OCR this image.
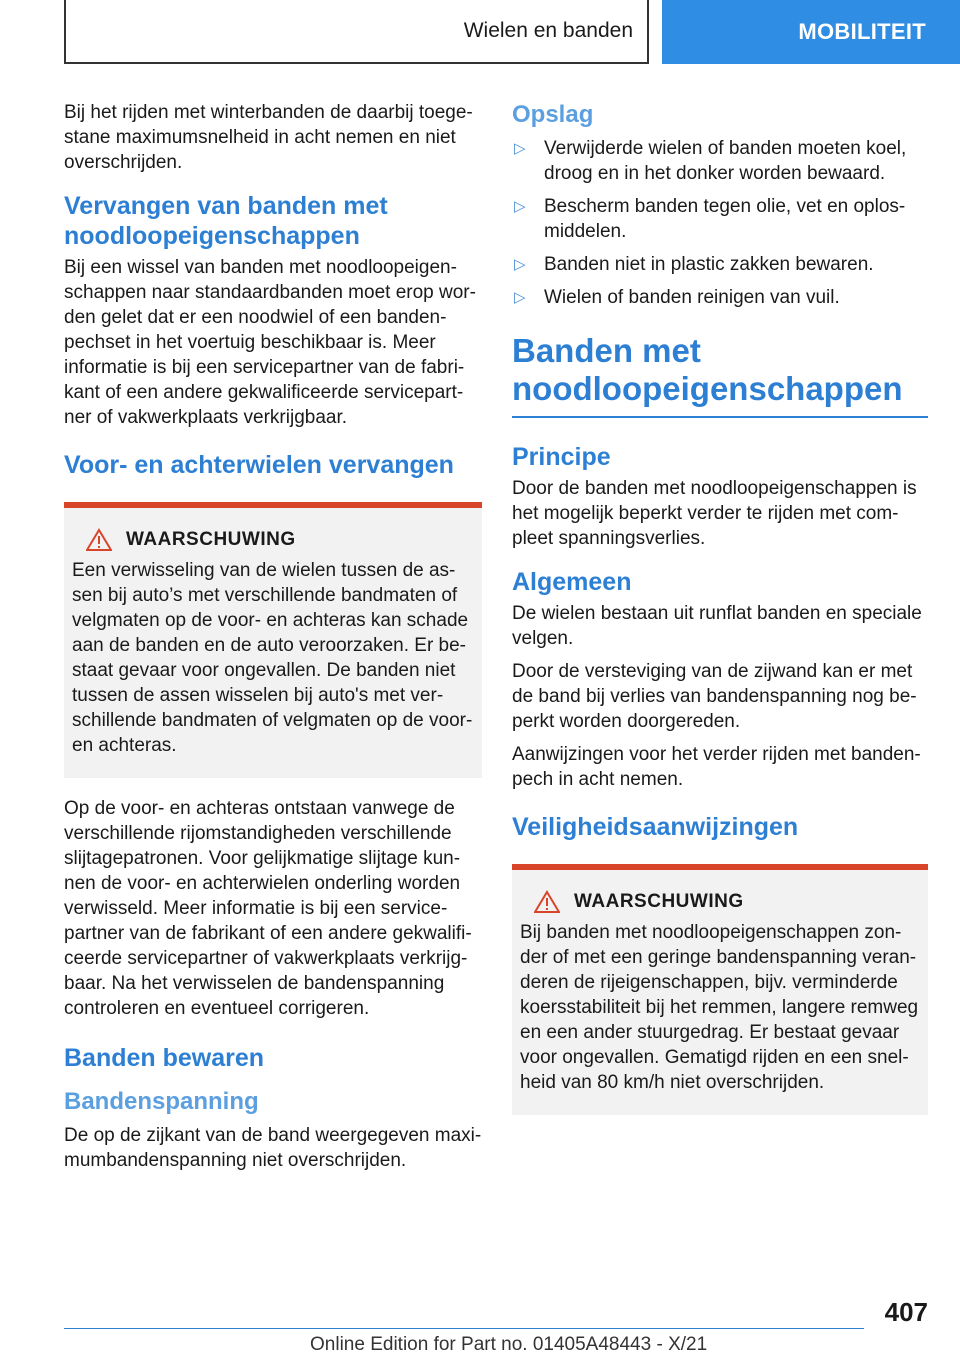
Wielen en banden	MOBILITEIT

Bij het rijden met winterbanden de daarbij toege-stane maximumsnelheid in acht nemen en niet overschrijden.

Vervangen van banden met noodloopeigenschappen

Bij een wissel van banden met noodloopeigen-schappen naar standaardbanden moet erop wor-den gelet dat er een noodwiel of een banden-pechset in het voertuig beschikbaar is. Meer informatie is bij een servicepartner van de fabri-kant of een andere gekwalificeerde servicepart-ner of vakwerkplaats verkrijgbaar.

Voor- en achterwielen vervangen
WAARSCHUWING

Een verwisseling van de wielen tussen de as-sen bij auto’s met verschillende bandmaten of velgmaten op de voor- en achteras kan schade aan de banden en de auto veroorzaken. Er be-staat gevaar voor ongevallen. De banden niet tussen de assen wisselen bij auto's met ver-schillende bandmaten of velgmaten op de voor- en achteras.

Op de voor- en achteras ontstaan vanwege de verschillende rijomstandigheden verschillende slijtagepatronen. Voor gelijkmatige slijtage kun-nen de voor- en achterwielen onderling worden verwisseld. Meer informatie is bij een service-partner van de fabrikant of een andere gekwalifi-ceerde servicepartner of vakwerkplaats verkrijg-baar. Na het verwisselen de bandenspanning controleren en eventueel corrigeren.

Banden bewaren
Bandenspanning

De op de zijkant van de band weergegeven maxi-mumbandenspanning niet overschrijden.

Opslag
▷ Verwijderde wielen of banden moeten koel, droog en in het donker worden bewaard.
▷ Bescherm banden tegen olie, vet en oplos-middelen.
▷ Banden niet in plastic zakken bewaren.
▷ Wielen of banden reinigen van vuil.
Banden met noodloopeigenschappen
Principe

Door de banden met noodloopeigenschappen is het mogelijk beperkt verder te rijden met com-pleet spanningsverlies.

Algemeen

De wielen bestaan uit runflat banden en speciale velgen.

Door de versteviging van de zijwand kan er met de band bij verlies van bandenspanning nog be-perkt worden doorgereden.

Aanwijzingen voor het verder rijden met banden-pech in acht nemen.

Veiligheidsaanwijzingen
WAARSCHUWING

Bij banden met noodloopeigenschappen zon-der of met een geringe bandenspanning veran-deren de rijeigenschappen, bijv. verminderde koersstabiliteit bij het remmen, langere remweg en een ander stuurgedrag. Er bestaat gevaar voor ongevallen. Gematigd rijden en een snel-heid van 80 km/h niet overschrijden.

407
Online Edition for Part no. 01405A48443 - X/21
